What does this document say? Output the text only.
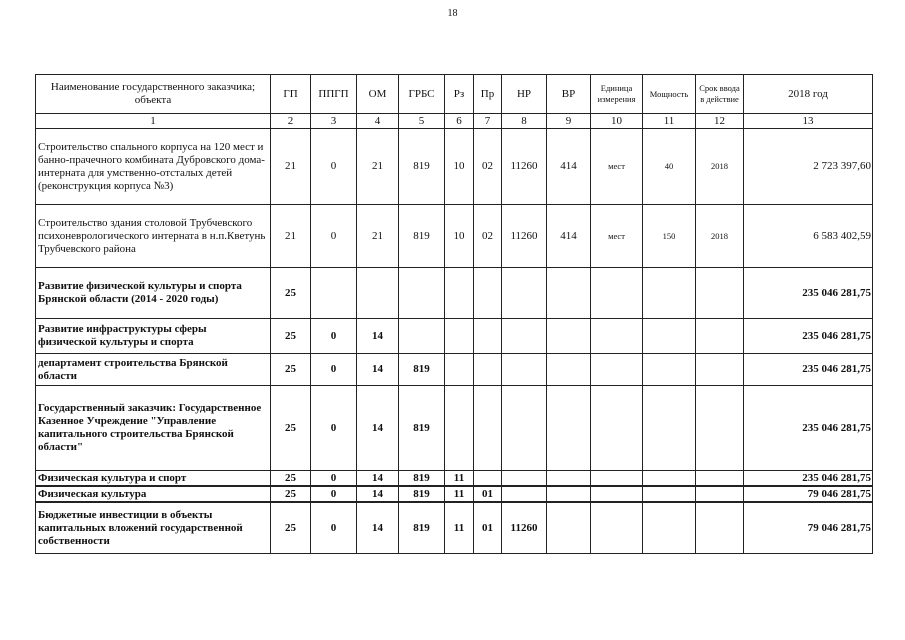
18
Наименование государственного заказчика; объекта	ГП	ППГП	ОМ	ГРБС	Рз	Пр	НР	ВР	Единица измерения	Мощность	Срок ввода в действие	2018 год
1	2	3	4	5	6	7	8	9	10	11	12	13
Строительство спального корпуса на 120 мест и банно-прачечного комбината Дубровского дома-интерната для умственно-отсталых детей (реконструкция корпуса №3)	21	0	21	819	10	02	11260	414	мест	40	2018	2 723 397,60
Строительство здания столовой Трубчевского психоневрологического интерната в н.п.Кветунь Трубчевского района	21	0	21	819	10	02	11260	414	мест	150	2018	6 583 402,59
Развитие физической культуры и спорта Брянской области (2014 - 2020 годы)	25											235 046 281,75
Развитие инфраструктуры сферы физической культуры и спорта	25	0	14									235 046 281,75
департамент строительства Брянской области	25	0	14	819								235 046 281,75
Государственный заказчик: Государственное Казенное Учреждение "Управление капитального строительства Брянской области"	25	0	14	819								235 046 281,75
Физическая культура и спорт	25	0	14	819	11							235 046 281,75
Физическая культура	25	0	14	819	11	01						79 046 281,75
Бюджетные инвестиции в объекты капитальных вложений государственной собственности	25	0	14	819	11	01	11260					79 046 281,75
